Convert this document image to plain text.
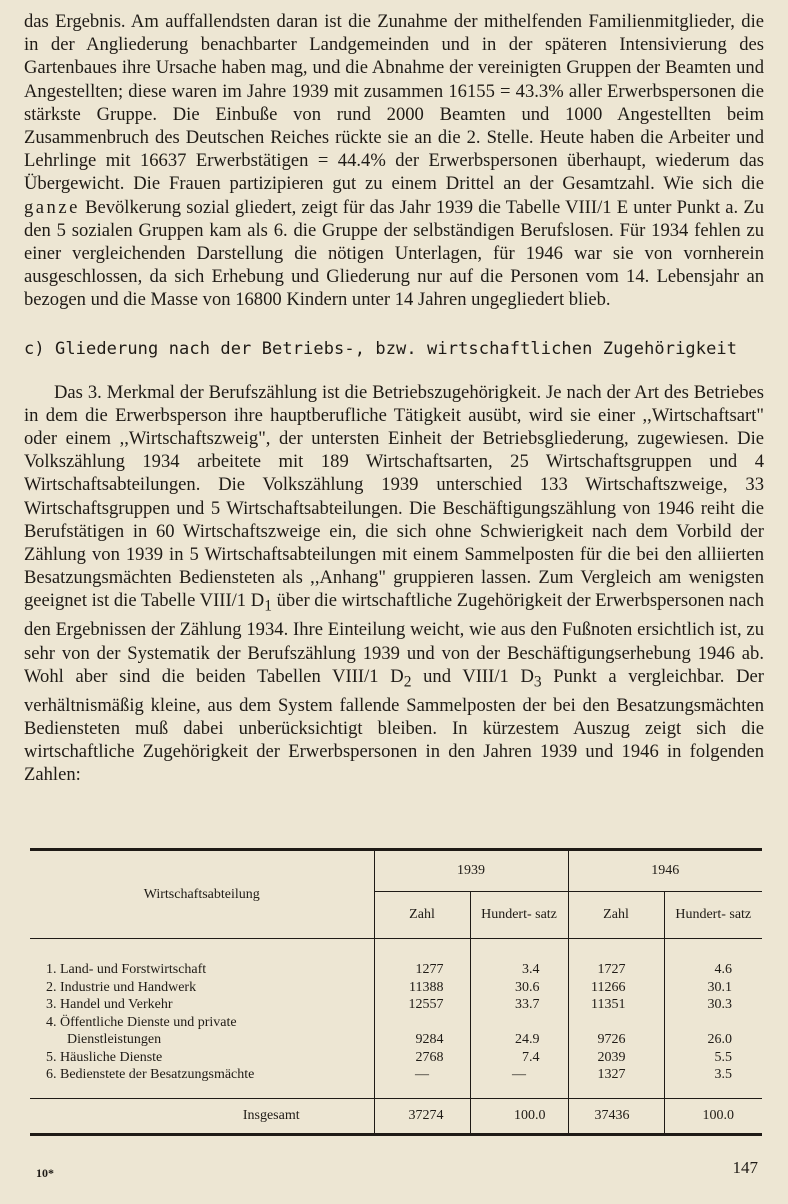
das Ergebnis. Am auffallendsten daran ist die Zunahme der mithelfenden Familienmitglieder, die in der Angliederung benachbarter Landgemeinden und in der späteren Intensivierung des Gartenbaues ihre Ursache haben mag, und die Abnahme der vereinigten Gruppen der Beamten und Angestellten; diese waren im Jahre 1939 mit zusammen 16155 = 43.3% aller Erwerbspersonen die stärkste Gruppe. Die Einbuße von rund 2000 Beamten und 1000 Angestellten beim Zusammenbruch des Deutschen Reiches rückte sie an die 2. Stelle. Heute haben die Arbeiter und Lehrlinge mit 16637 Erwerbstätigen = 44.4% der Erwerbspersonen überhaupt, wiederum das Übergewicht. Die Frauen partizipieren gut zu einem Drittel an der Gesamtzahl. Wie sich die ganze Bevölkerung sozial gliedert, zeigt für das Jahr 1939 die Tabelle VIII/1 E unter Punkt a. Zu den 5 sozialen Gruppen kam als 6. die Gruppe der selbständigen Berufslosen. Für 1934 fehlen zu einer vergleichenden Darstellung die nötigen Unterlagen, für 1946 war sie von vornherein ausgeschlossen, da sich Erhebung und Gliederung nur auf die Personen vom 14. Lebensjahr an bezogen und die Masse von 16800 Kindern unter 14 Jahren ungegliedert blieb.

c) Gliederung nach der Betriebs-, bzw. wirtschaftlichen Zugehörigkeit

Das 3. Merkmal der Berufszählung ist die Betriebszugehörigkeit. Je nach der Art des Betriebes in dem die Erwerbsperson ihre hauptberufliche Tätigkeit ausübt, wird sie einer ,,Wirtschaftsart" oder einem ,,Wirtschaftszweig", der untersten Einheit der Betriebsgliederung, zugewiesen. Die Volkszählung 1934 arbeitete mit 189 Wirtschaftsarten, 25 Wirtschaftsgruppen und 4 Wirtschaftsabteilungen. Die Volkszählung 1939 unterschied 133 Wirtschaftszweige, 33 Wirtschaftsgruppen und 5 Wirtschaftsabteilungen. Die Beschäftigungszählung von 1946 reiht die Berufstätigen in 60 Wirtschaftszweige ein, die sich ohne Schwierigkeit nach dem Vorbild der Zählung von 1939 in 5 Wirtschaftsabteilungen mit einem Sammelposten für die bei den alliierten Besatzungsmächten Bediensteten als ,,Anhang" gruppieren lassen. Zum Vergleich am wenigsten geeignet ist die Tabelle VIII/1 $D_1$ über die wirtschaftliche Zugehörigkeit der Erwerbspersonen nach den Ergebnissen der Zählung 1934. Ihre Einteilung weicht, wie aus den Fußnoten ersichtlich ist, zu sehr von der Systematik der Berufszählung 1939 und von der Beschäftigungserhebung 1946 ab. Wohl aber sind die beiden Tabellen VIII/1 $D_2$ und VIII/1 $D_3$ Punkt a vergleichbar. Der verhältnismäßig kleine, aus dem System fallende Sammelposten der bei den Besatzungsmächten Bediensteten muß dabei unberücksichtigt bleiben. In kürzestem Auszug zeigt sich die wirtschaftliche Zugehörigkeit der Erwerbspersonen in den Jahren 1939 und 1946 in folgenden Zahlen:

Wirtschaftsabteilung	1939		1946	
	Zahl	Hundert- satz	Zahl	Hundert- satz
1. Land- und Forstwirtschaft	1277	3.4	1727	4.6
2. Industrie und Handwerk	11388	30.6	11266	30.1
3. Handel und Verkehr	12557	33.7	11351	30.3
4. Öffentliche Dienste und private				
Dienstleistungen	9284	24.9	9726	26.0
5. Häusliche Dienste	2768	7.4	2039	5.5
6. Bedienstete der Besatzungsmächte	—	—	1327	3.5
Insgesamt	37274	100.0	37436	100.0
10*	147
